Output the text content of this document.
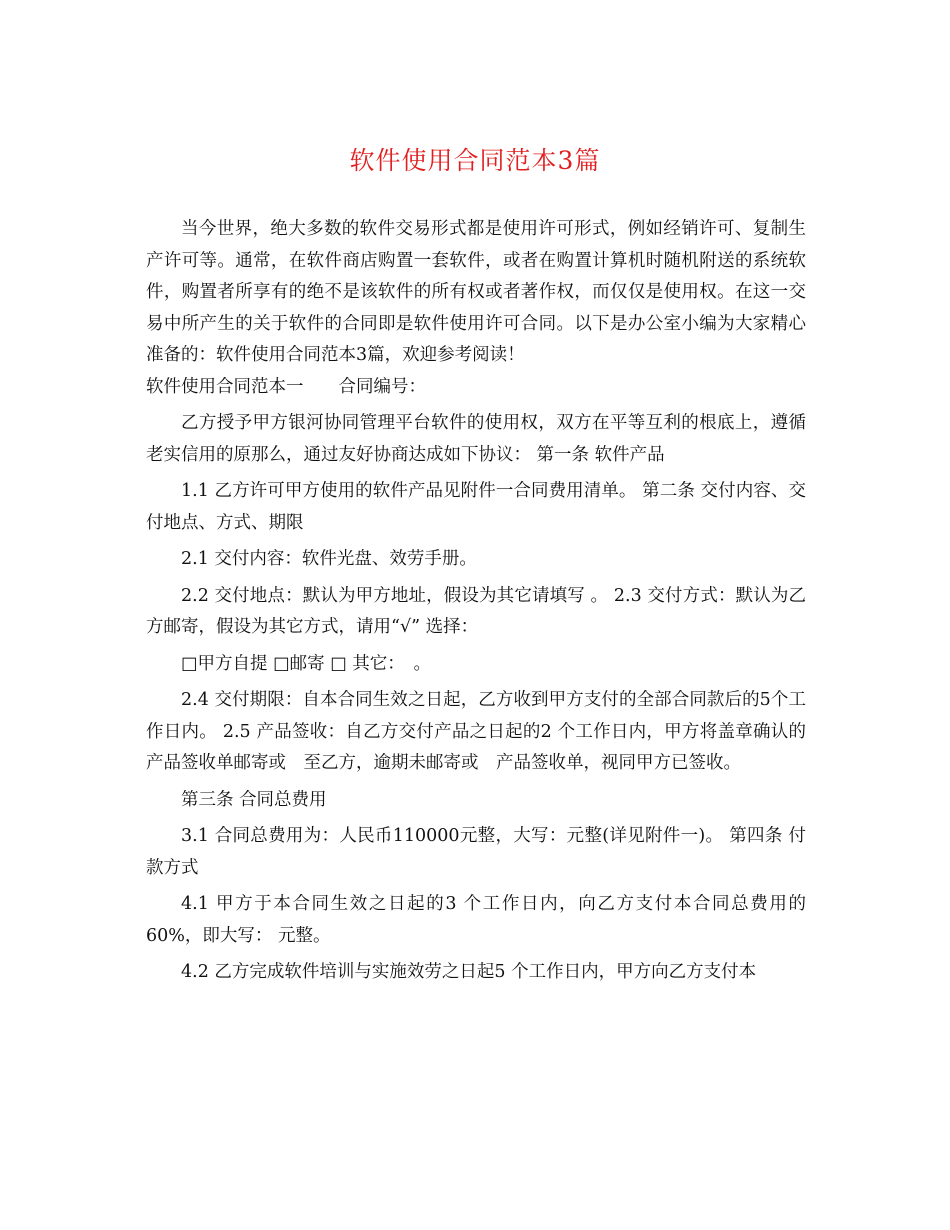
软件使用合同范本3篇

当今世界，绝大多数的软件交易形式都是使用许可形式，例如经销许可、复制生产许可等。通常，在软件商店购置一套软件，或者在购置计算机时随机附送的系统软件，购置者所享有的绝不是该软件的所有权或者著作权，而仅仅是使用权。在这一交易中所产生的关于软件的合同即是软件使用许可合同。以下是办公室小编为大家精心准备的：软件使用合同范本3篇，欢迎参考阅读！

软件使用合同范本一　　合同编号：

乙方授予甲方银河协同管理平台软件的使用权，双方在平等互利的根底上，遵循老实信用的原那么，通过友好协商达成如下协议： 第一条 软件产品

1.1 乙方许可甲方使用的软件产品见附件一合同费用清单。 第二条 交付内容、交付地点、方式、期限

2.1 交付内容：软件光盘、效劳手册。

2.2 交付地点：默认为甲方地址，假设为其它请填写 。 2.3 交付方式：默认为乙方邮寄，假设为其它方式，请用“√” 选择：

□甲方自提 □邮寄 □ 其它：　。

2.4 交付期限：自本合同生效之日起，乙方收到甲方支付的全部合同款后的5个工作日内。 2.5 产品签收：自乙方交付产品之日起的2 个工作日内，甲方将盖章确认的产品签收单邮寄或　至乙方，逾期未邮寄或　产品签收单，视同甲方已签收。

第三条 合同总费用

3.1 合同总费用为：人民币110000元整，大写：元整(详见附件一)。 第四条 付款方式

4.1 甲方于本合同生效之日起的3 个工作日内，向乙方支付本合同总费用的60%，即大写： 元整。

4.2 乙方完成软件培训与实施效劳之日起5 个工作日内，甲方向乙方支付本
